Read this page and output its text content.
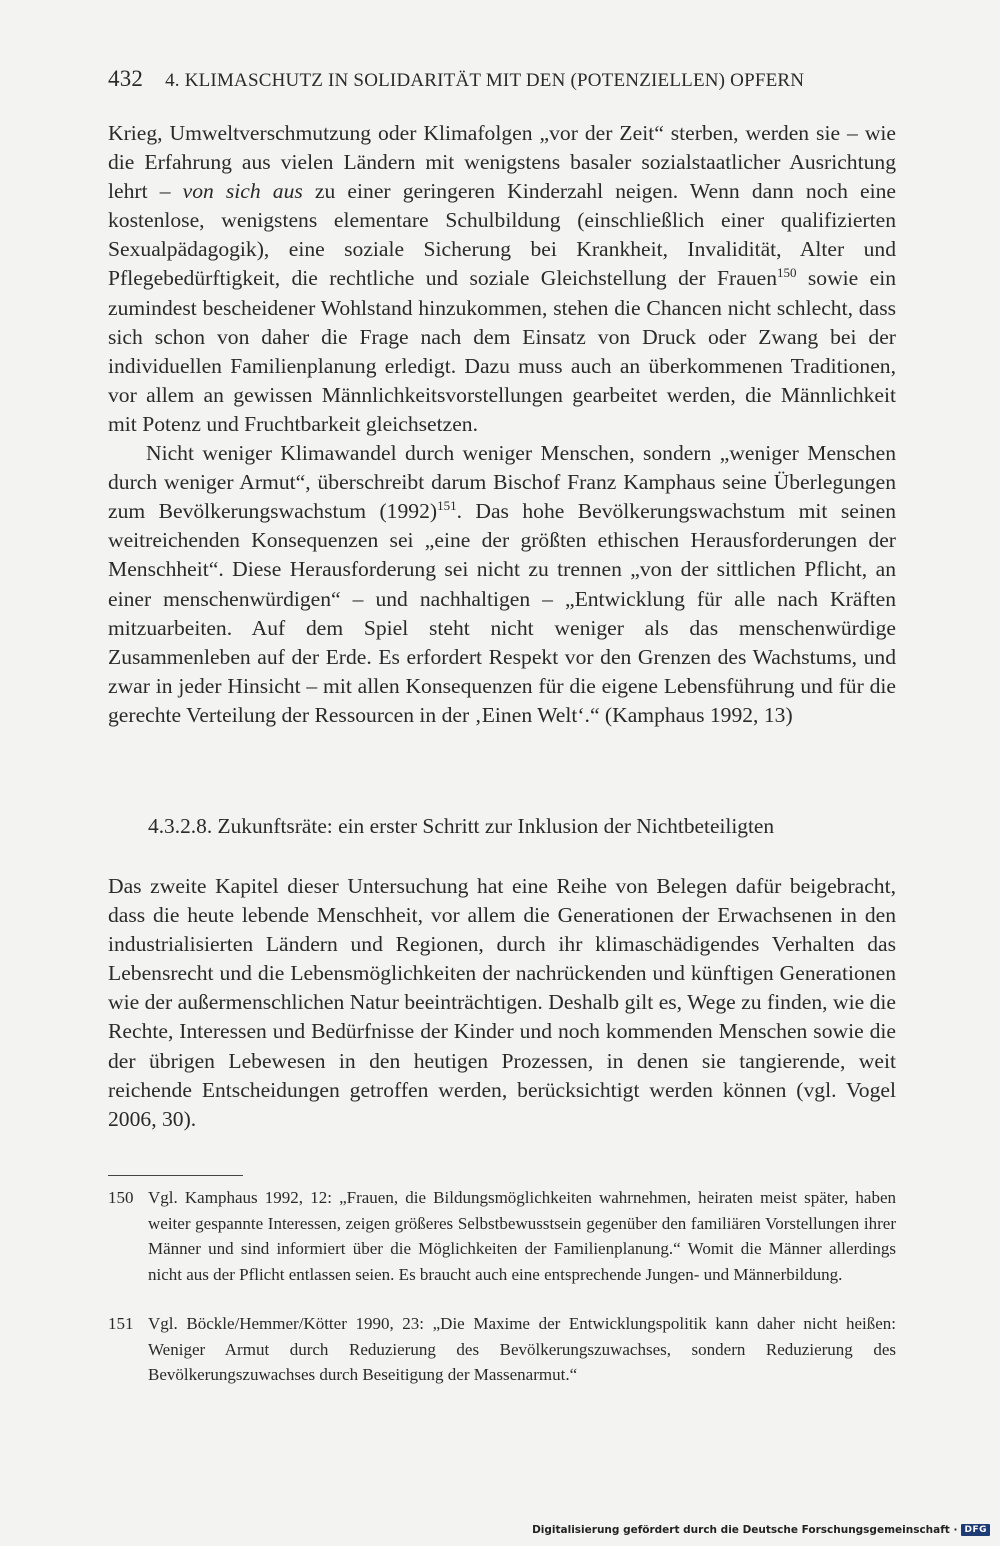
432 4. KLIMASCHUTZ IN SOLIDARITÄT MIT DEN (POTENZIELLEN) OPFERN

Krieg, Umweltverschmutzung oder Klimafolgen „vor der Zeit“ sterben, werden sie – wie die Erfahrung aus vielen Ländern mit wenigstens basaler sozialstaatlicher Ausrichtung lehrt – von sich aus zu einer geringeren Kinderzahl neigen. Wenn dann noch eine kostenlose, wenigstens elementare Schulbildung (einschließlich einer qualifizierten Sexualpädagogik), eine soziale Sicherung bei Krankheit, Invalidität, Alter und Pflegebedürftigkeit, die rechtliche und soziale Gleichstellung der Frauen$^{150}$ sowie ein zumindest bescheidener Wohlstand hinzukommen, stehen die Chancen nicht schlecht, dass sich schon von daher die Frage nach dem Einsatz von Druck oder Zwang bei der individuellen Familienplanung erledigt. Dazu muss auch an überkommenen Traditionen, vor allem an gewissen Männlichkeitsvorstellungen gearbeitet werden, die Männlichkeit mit Potenz und Fruchtbarkeit gleichsetzen.

Nicht weniger Klimawandel durch weniger Menschen, sondern „weniger Menschen durch weniger Armut“, überschreibt darum Bischof Franz Kamphaus seine Überlegungen zum Bevölkerungswachstum $(1992)^{151}$. Das hohe Bevölkerungswachstum mit seinen weitreichenden Konsequenzen sei „eine der größten ethischen Herausforderungen der Menschheit“. Diese Herausforderung sei nicht zu trennen „von der sittlichen Pflicht, an einer menschenwürdigen“ – und nachhaltigen – „Entwicklung für alle nach Kräften mitzuarbeiten. Auf dem Spiel steht nicht weniger als das menschenwürdige Zusammenleben auf der Erde. Es erfordert Respekt vor den Grenzen des Wachstums, und zwar in jeder Hinsicht – mit allen Konsequenzen für die eigene Lebensführung und für die gerechte Verteilung der Ressourcen in der ‚Einen Welt‘.“ (Kamphaus 1992, 13)

4.3.2.8. Zukunftsräte: ein erster Schritt zur Inklusion der Nichtbeteiligten

Das zweite Kapitel dieser Untersuchung hat eine Reihe von Belegen dafür beigebracht, dass die heute lebende Menschheit, vor allem die Generationen der Erwachsenen in den industrialisierten Ländern und Regionen, durch ihr klimaschädigendes Verhalten das Lebensrecht und die Lebensmöglichkeiten der nachrückenden und künftigen Generationen wie der außermenschlichen Natur beeinträchtigen. Deshalb gilt es, Wege zu finden, wie die Rechte, Interessen und Bedürfnisse der Kinder und noch kommenden Menschen sowie die der übrigen Lebewesen in den heutigen Prozessen, in denen sie tangierende, weit reichende Entscheidungen getroffen werden, berücksichtigt werden können (vgl. Vogel 2006, 30).

150 Vgl. Kamphaus 1992, 12: „Frauen, die Bildungsmöglichkeiten wahrnehmen, heiraten meist später, haben weiter gespannte Interessen, zeigen größeres Selbstbewusstsein gegenüber den familiären Vorstellungen ihrer Männer und sind informiert über die Möglichkeiten der Familienplanung.“ Womit die Männer allerdings nicht aus der Pflicht entlassen seien. Es braucht auch eine entsprechende Jungen- und Männerbildung.
151 Vgl. Böckle/Hemmer/Kötter 1990, 23: „Die Maxime der Entwicklungspolitik kann daher nicht heißen: Weniger Armut durch Reduzierung des Bevölkerungszuwachses, sondern Reduzierung des Bevölkerungszuwachses durch Beseitigung der Massenarmut.“
Digitalisierung gefördert durch die Deutsche Forschungsgemeinschaft · DFG
